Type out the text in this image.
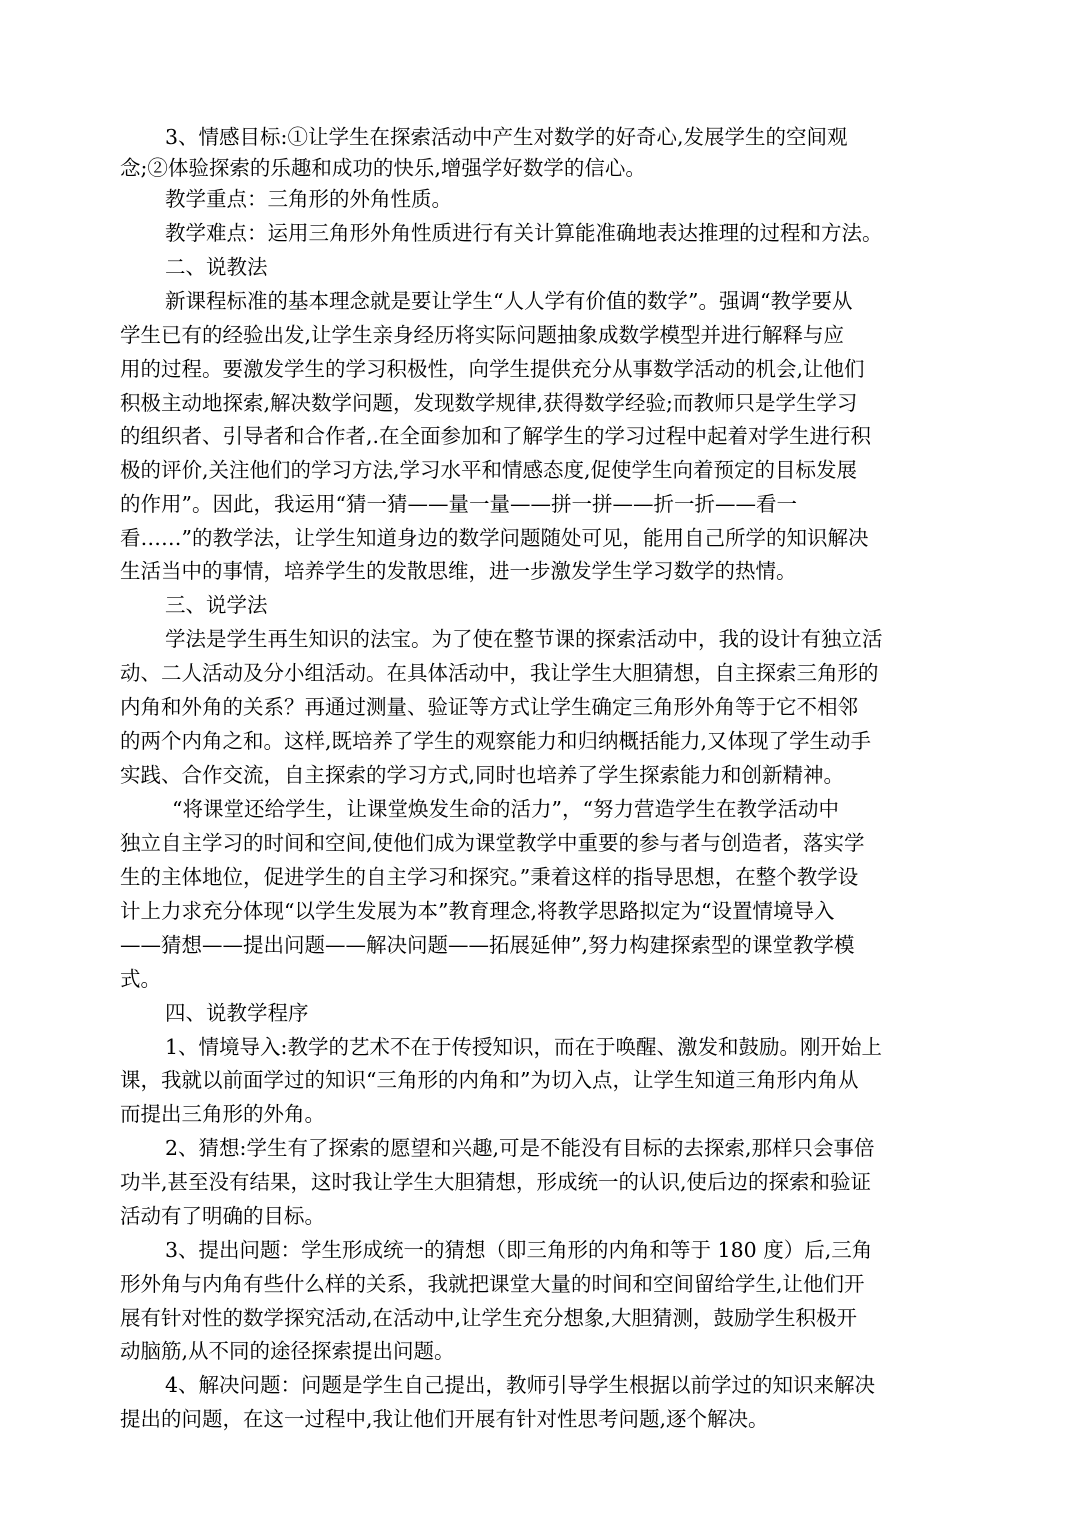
3、情感目标:①让学生在探索活动中产生对数学的好奇心,发展学生的空间观
念;②体验探索的乐趣和成功的快乐,增强学好数学的信心。
教学重点：三角形的外角性质。
教学难点：运用三角形外角性质进行有关计算能准确地表达推理的过程和方法。
二、说教法
新课程标准的基本理念就是要让学生“人人学有价值的数学”。强调“教学要从
学生已有的经验出发,让学生亲身经历将实际问题抽象成数学模型并进行解释与应
用的过程。要激发学生的学习积极性，向学生提供充分从事数学活动的机会,让他们
积极主动地探索,解决数学问题，发现数学规律,获得数学经验;而教师只是学生学习
的组织者、引导者和合作者,.在全面参加和了解学生的学习过程中起着对学生进行积
极的评价,关注他们的学习方法,学习水平和情感态度,促使学生向着预定的目标发展
的作用”。因此，我运用“猜一猜——量一量——拼一拼——折一折——看一
看……”的教学法，让学生知道身边的数学问题随处可见，能用自己所学的知识解决
生活当中的事情，培养学生的发散思维，进一步激发学生学习数学的热情。
三、说学法
学法是学生再生知识的法宝。为了使在整节课的探索活动中，我的设计有独立活
动、二人活动及分小组活动。在具体活动中，我让学生大胆猜想，自主探索三角形的
内角和外角的关系？再通过测量、验证等方式让学生确定三角形外角等于它不相邻
的两个内角之和。这样,既培养了学生的观察能力和归纳概括能力,又体现了学生动手
实践、合作交流，自主探索的学习方式,同时也培养了学生探索能力和创新精神。
“将课堂还给学生，让课堂焕发生命的活力”，“努力营造学生在教学活动中
独立自主学习的时间和空间,使他们成为课堂教学中重要的参与者与创造者，落实学
生的主体地位，促进学生的自主学习和探究。”秉着这样的指导思想，在整个教学设
计上力求充分体现“以学生发展为本”教育理念,将教学思路拟定为“设置情境导入
——猜想——提出问题——解决问题——拓展延伸”,努力构建探索型的课堂教学模
式。
四、说教学程序
1、情境导入:教学的艺术不在于传授知识，而在于唤醒、激发和鼓励。刚开始上
课，我就以前面学过的知识“三角形的内角和”为切入点，让学生知道三角形内角从
而提出三角形的外角。
2、猜想:学生有了探索的愿望和兴趣,可是不能没有目标的去探索,那样只会事倍
功半,甚至没有结果，这时我让学生大胆猜想，形成统一的认识,使后边的探索和验证
活动有了明确的目标。
3、提出问题：学生形成统一的猜想（即三角形的内角和等于 180 度）后,三角
形外角与内角有些什么样的关系，我就把课堂大量的时间和空间留给学生,让他们开
展有针对性的数学探究活动,在活动中,让学生充分想象,大胆猜测，鼓励学生积极开
动脑筋,从不同的途径探索提出问题。
4、解决问题：问题是学生自己提出，教师引导学生根据以前学过的知识来解决
提出的问题，在这一过程中,我让他们开展有针对性思考问题,逐个解决。
